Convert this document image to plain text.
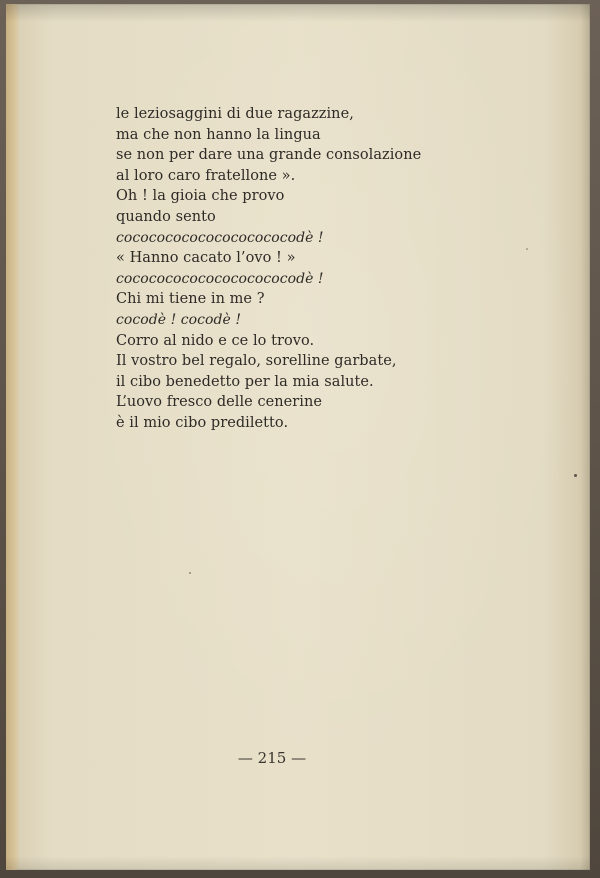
le leziosaggini di due ragazzine,
ma che non hanno la lingua
se non per dare una grande consolazione
al loro caro fratellone ».
Oh ! la gioia che provo
quando sento
cococococococococococodè !
« Hanno cacato l’ovo ! »
cococococococococococodè !
Chi mi tiene in me ?
cocodè ! cocodè !
Corro al nido e ce lo trovo.
Il vostro bel regalo, sorelline garbate,
il cibo benedetto per la mia salute.
L’uovo fresco delle cenerine
è il mio cibo prediletto.
— 215 —
